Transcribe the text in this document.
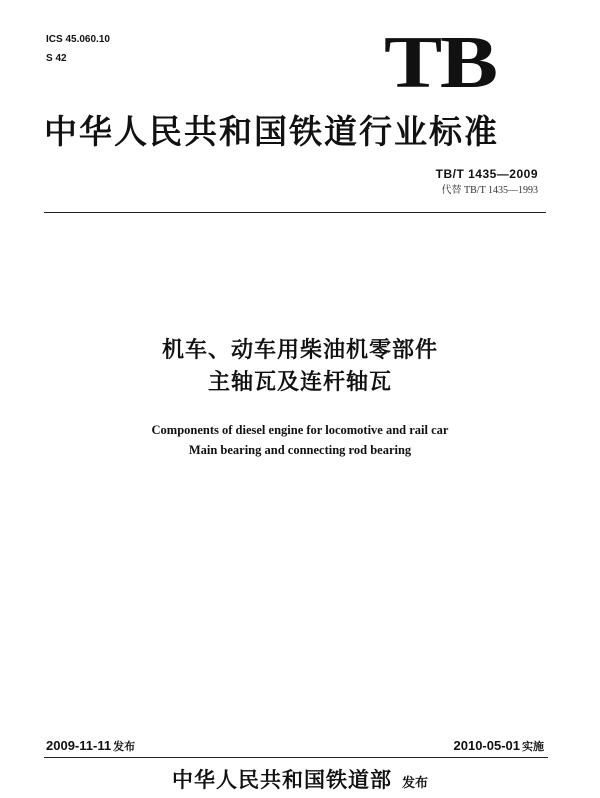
ICS 45.060.10
S 42	TB
中华人民共和国铁道行业标准
TB/T 1435—2009
代替 TB/T 1435—1993
机车、动车用柴油机零部件
主轴瓦及连杆轴瓦
Components of diesel engine for locomotive and rail car
Main bearing and connecting rod bearing
2009-11-11 发布	2010-05-01 实施
中华人民共和国铁道部 发布
